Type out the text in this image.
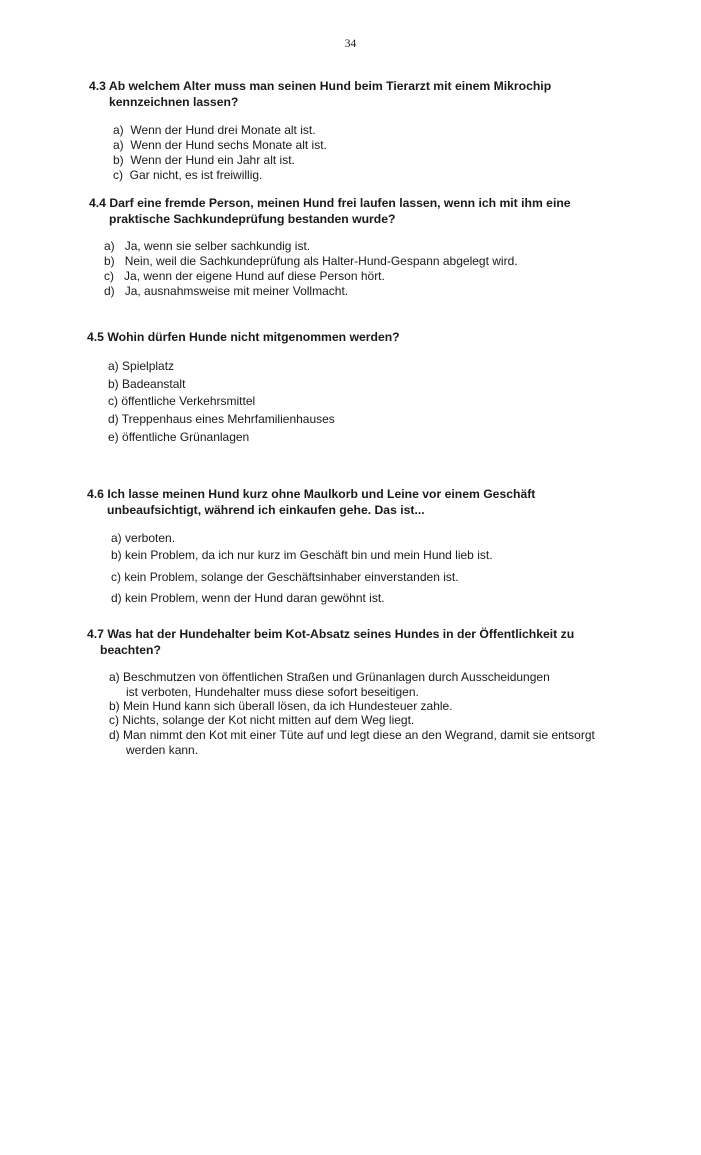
34

4.3 Ab welchem Alter muss man seinen Hund beim Tierarzt mit einem Mikrochip
kennzeichnen lassen?

a) Wenn der Hund drei Monate alt ist.
a) Wenn der Hund sechs Monate alt ist.
b) Wenn der Hund ein Jahr alt ist.
c) Gar nicht, es ist freiwillig.

4.4 Darf eine fremde Person, meinen Hund frei laufen lassen, wenn ich mit ihm eine
praktische Sachkundeprüfung bestanden wurde?

a) Ja, wenn sie selber sachkundig ist.
b) Nein, weil die Sachkundeprüfung als Halter-Hund-Gespann abgelegt wird.
c) Ja, wenn der eigene Hund auf diese Person hört.
d) Ja, ausnahmsweise mit meiner Vollmacht.

4.5 Wohin dürfen Hunde nicht mitgenommen werden?

a) Spielplatz
b) Badeanstalt
c) öffentliche Verkehrsmittel
d) Treppenhaus eines Mehrfamilienhauses
e) öffentliche Grünanlagen

4.6 Ich lasse meinen Hund kurz ohne Maulkorb und Leine vor einem Geschäft
unbeaufsichtigt, während ich einkaufen gehe. Das ist...

a) verboten.
b) kein Problem, da ich nur kurz im Geschäft bin und mein Hund lieb ist.
c) kein Problem, solange der Geschäftsinhaber einverstanden ist.
d) kein Problem, wenn der Hund daran gewöhnt ist.

4.7 Was hat der Hundehalter beim Kot-Absatz seines Hundes in der Öffentlichkeit zu
beachten?

a) Beschmutzen von öffentlichen Straßen und Grünanlagen durch Ausscheidungen
ist verboten, Hundehalter muss diese sofort beseitigen.
b) Mein Hund kann sich überall lösen, da ich Hundesteuer zahle.
c) Nichts, solange der Kot nicht mitten auf dem Weg liegt.
d) Man nimmt den Kot mit einer Tüte auf und legt diese an den Wegrand, damit sie entsorgt
werden kann.
